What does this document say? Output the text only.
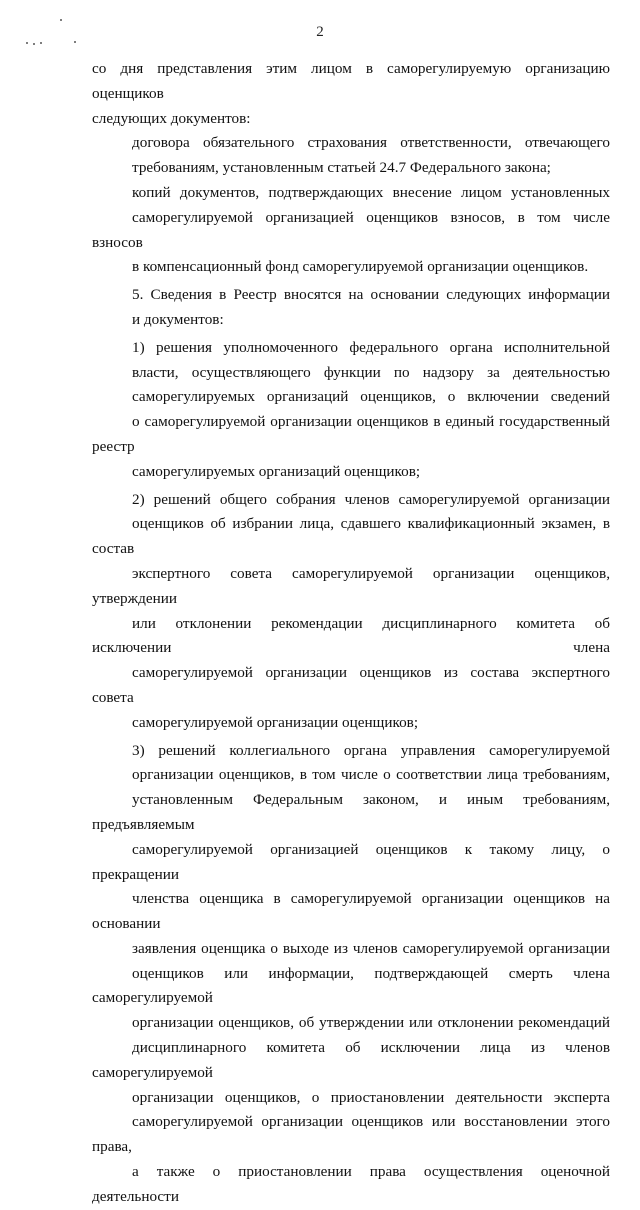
2

со дня представления этим лицом в саморегулируемую организацию оценщиков
следующих документов:

договора обязательного страхования ответственности, отвечающего
требованиям, установленным статьей 24.7 Федерального закона;

копий документов, подтверждающих внесение лицом установленных
саморегулируемой организацией оценщиков взносов, в том числе взносов
в компенсационный фонд саморегулируемой организации оценщиков.

5. Сведения в Реестр вносятся на основании следующих информации
и документов:

1) решения уполномоченного федерального органа исполнительной
власти, осуществляющего функции по надзору за деятельностью
саморегулируемых организаций оценщиков, о включении сведений
о саморегулируемой организации оценщиков в единый государственный реестр
саморегулируемых организаций оценщиков;

2) решений общего собрания членов саморегулируемой организации
оценщиков об избрании лица, сдавшего квалификационный экзамен, в состав
экспертного совета саморегулируемой организации оценщиков, утверждении
или отклонении рекомендации дисциплинарного комитета об исключении члена
саморегулируемой организации оценщиков из состава экспертного совета
саморегулируемой организации оценщиков;

3) решений коллегиального органа управления саморегулируемой
организации оценщиков, в том числе о соответствии лица требованиям,
установленным Федеральным законом, и иным требованиям, предъявляемым
саморегулируемой организацией оценщиков к такому лицу, о прекращении
членства оценщика в саморегулируемой организации оценщиков на основании
заявления оценщика о выходе из членов саморегулируемой организации
оценщиков или информации, подтверждающей смерть члена саморегулируемой
организации оценщиков, об утверждении или отклонении рекомендаций
дисциплинарного комитета об исключении лица из членов саморегулируемой
организации оценщиков, о приостановлении деятельности эксперта
саморегулируемой организации оценщиков или восстановлении этого права,
а также о приостановлении права осуществления оценочной деятельности
